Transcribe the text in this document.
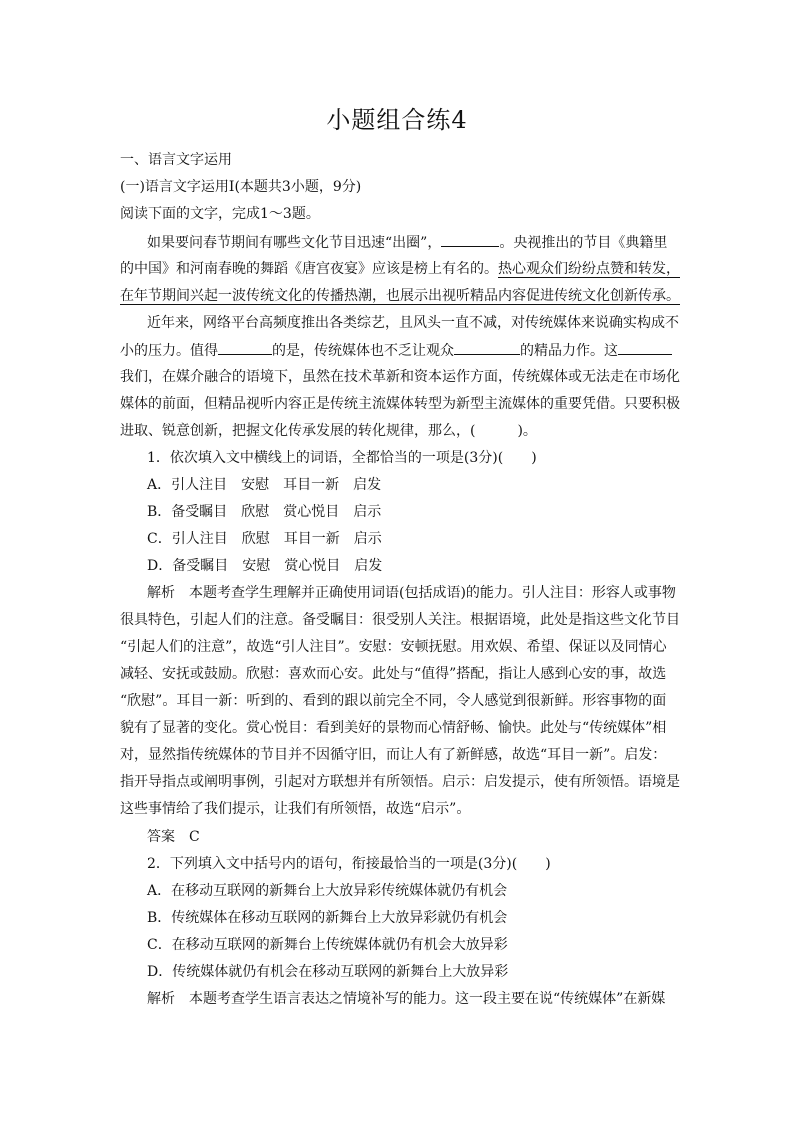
小题组合练4
一、语言文字运用
(一)语言文字运用Ⅰ(本题共3小题，9分)
阅读下面的文字，完成1～3题。
如果要问春节期间有哪些文化节目迅速“出圈”，	。央视推出的节目《典籍里
的中国》和河南春晚的舞蹈《唐宫夜宴》应该是榜上有名的。热心观众们纷纷点赞和转发，
在年节期间兴起一波传统文化的传播热潮，也展示出视听精品内容促进传统文化创新传承。
近年来，网络平台高频度推出各类综艺，且风头一直不减，对传统媒体来说确实构成不
小的压力。值得	的是，传统媒体也不乏让观众	的精品力作。这
我们，在媒介融合的语境下，虽然在技术革新和资本运作方面，传统媒体或无法走在市场化
媒体的前面，但精品视听内容正是传统主流媒体转型为新型主流媒体的重要凭借。只要积极
进取、锐意创新，把握文化传承发展的转化规律，那么，(　　　)。
1．依次填入文中横线上的词语，全都恰当的一项是(3分)(　　)
A．引人注目　安慰　耳目一新　启发
B．备受瞩目　欣慰　赏心悦目　启示
C．引人注目　欣慰　耳目一新　启示
D．备受瞩目　安慰　赏心悦目　启发
解析　本题考查学生理解并正确使用词语(包括成语)的能力。引人注目：形容人或事物
很具特色，引起人们的注意。备受瞩目：很受别人关注。根据语境，此处是指这些文化节目
“引起人们的注意”，故选“引人注目”。安慰：安顿抚慰。用欢娱、希望、保证以及同情心
减轻、安抚或鼓励。欣慰：喜欢而心安。此处与“值得”搭配，指让人感到心安的事，故选
“欣慰”。耳目一新：听到的、看到的跟以前完全不同，令人感觉到很新鲜。形容事物的面
貌有了显著的变化。赏心悦目：看到美好的景物而心情舒畅、愉快。此处与“传统媒体”相
对，显然指传统媒体的节目并不因循守旧，而让人有了新鲜感，故选“耳目一新”。启发：
指开导指点或阐明事例，引起对方联想并有所领悟。启示：启发提示，使有所领悟。语境是
这些事情给了我们提示，让我们有所领悟，故选“启示”。
答案　C
2．下列填入文中括号内的语句，衔接最恰当的一项是(3分)(　　)
A．在移动互联网的新舞台上大放异彩传统媒体就仍有机会
B．传统媒体在移动互联网的新舞台上大放异彩就仍有机会
C．在移动互联网的新舞台上传统媒体就仍有机会大放异彩
D．传统媒体就仍有机会在移动互联网的新舞台上大放异彩
解析　本题考查学生语言表达之情境补写的能力。这一段主要在说“传统媒体”在新媒
